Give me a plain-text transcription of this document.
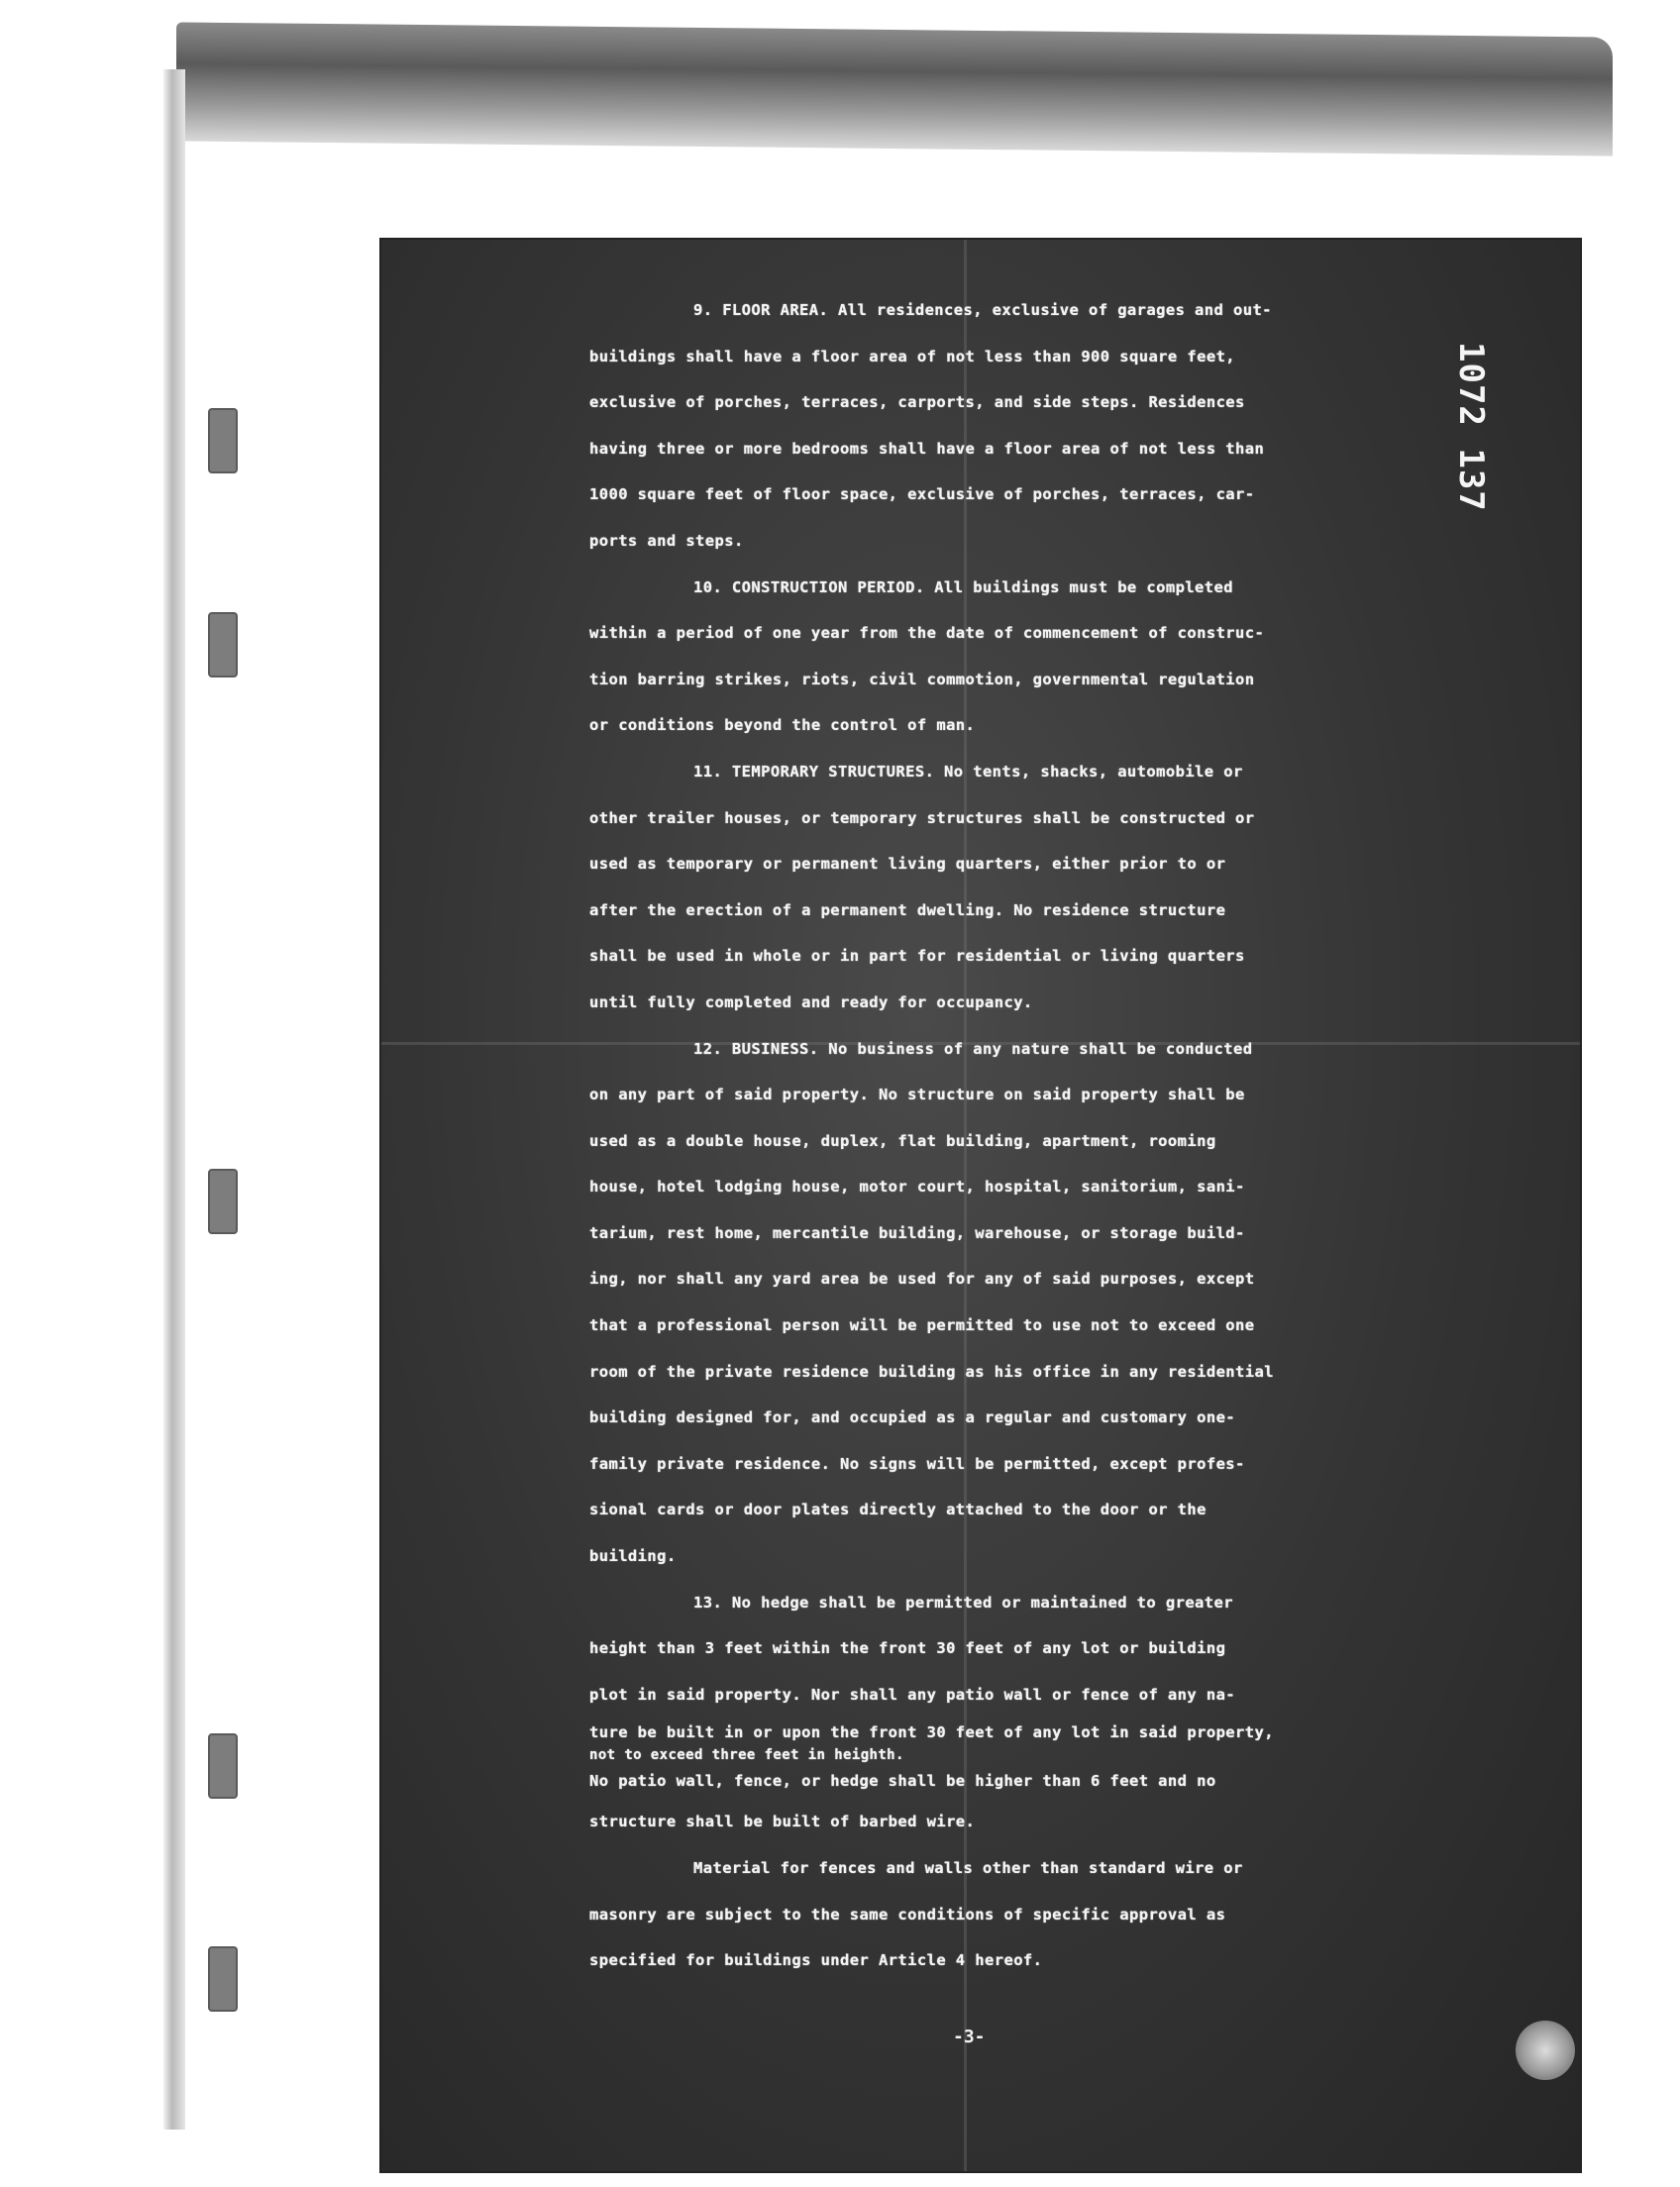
1072 137
9. FLOOR AREA. All residences, exclusive of garages and out-
buildings shall have a floor area of not less than 900 square feet,
exclusive of porches, terraces, carports, and side steps. Residences
having three or more bedrooms shall have a floor area of not less than
1000 square feet of floor space, exclusive of porches, terraces, car-
ports and steps.
10. CONSTRUCTION PERIOD. All buildings must be completed
within a period of one year from the date of commencement of construc-
tion barring strikes, riots, civil commotion, governmental regulation
or conditions beyond the control of man.
11. TEMPORARY STRUCTURES. No tents, shacks, automobile or
other trailer houses, or temporary structures shall be constructed or
used as temporary or permanent living quarters, either prior to or
after the erection of a permanent dwelling. No residence structure
shall be used in whole or in part for residential or living quarters
until fully completed and ready for occupancy.
12. BUSINESS. No business of any nature shall be conducted
on any part of said property. No structure on said property shall be
used as a double house, duplex, flat building, apartment, rooming
house, hotel lodging house, motor court, hospital, sanitorium, sani-
tarium, rest home, mercantile building, warehouse, or storage build-
ing, nor shall any yard area be used for any of said purposes, except
that a professional person will be permitted to use not to exceed one
room of the private residence building as his office in any residential
building designed for, and occupied as a regular and customary one-
family private residence. No signs will be permitted, except profes-
sional cards or door plates directly attached to the door or the
building.
13. No hedge shall be permitted or maintained to greater
height than 3 feet within the front 30 feet of any lot or building
plot in said property. Nor shall any patio wall or fence of any na-
ture be built in or upon the front 30 feet of any lot in said property,
not to exceed three feet in heighth.
No patio wall, fence, or hedge shall be higher than 6 feet and no
structure shall be built of barbed wire.
Material for fences and walls other than standard wire or
masonry are subject to the same conditions of specific approval as
specified for buildings under Article 4 hereof.
-3-
